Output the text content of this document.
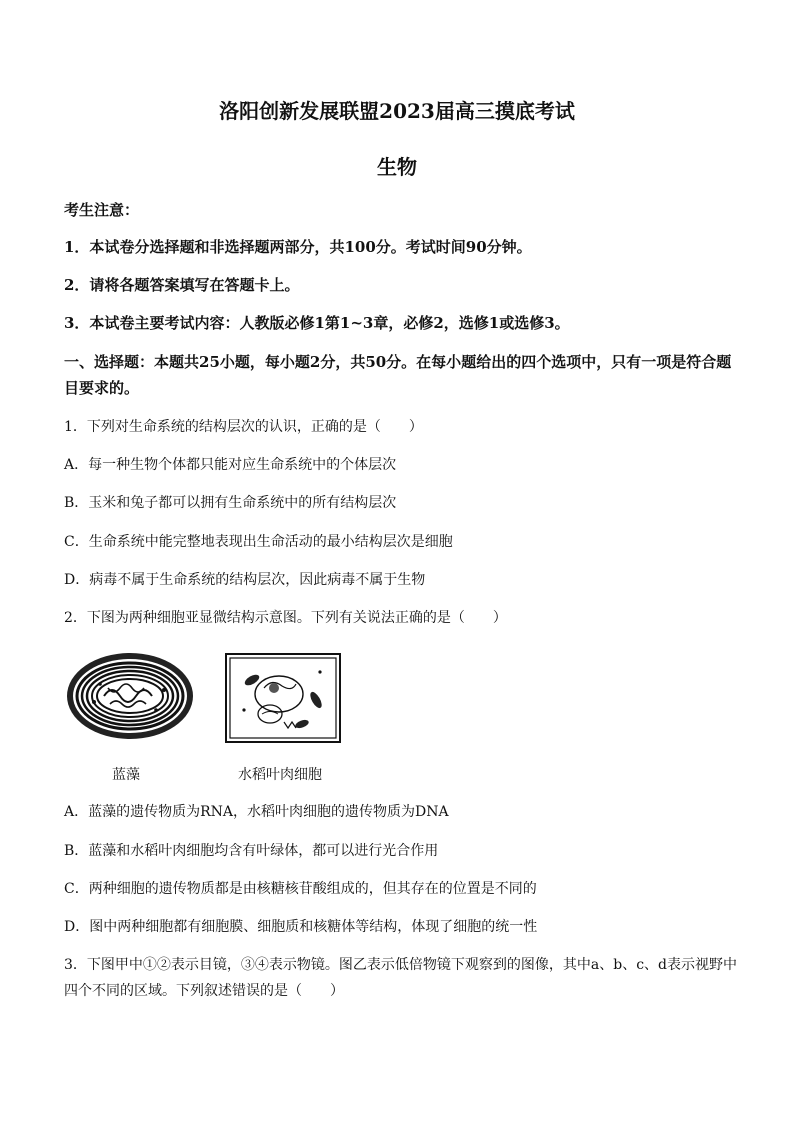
洛阳创新发展联盟2023届高三摸底考试
生物
考生注意：
1．本试卷分选择题和非选择题两部分，共100分。考试时间90分钟。
2．请将各题答案填写在答题卡上。
3．本试卷主要考试内容：人教版必修1第1~3章，必修2，选修1或选修3。
一、选择题：本题共25小题，每小题2分，共50分。在每小题给出的四个选项中，只有一项是符合题目要求的。
1．下列对生命系统的结构层次的认识，正确的是（　　）
A．每一种生物个体都只能对应生命系统中的个体层次
B．玉米和兔子都可以拥有生命系统中的所有结构层次
C．生命系统中能完整地表现出生命活动的最小结构层次是细胞
D．病毒不属于生命系统的结构层次，因此病毒不属于生物
2．下图为两种细胞亚显微结构示意图。下列有关说法正确的是（　　）
蓝藻	水稻叶肉细胞
A．蓝藻的遗传物质为RNA，水稻叶肉细胞的遗传物质为DNA
B．蓝藻和水稻叶肉细胞均含有叶绿体，都可以进行光合作用
C．两种细胞的遗传物质都是由核糖核苷酸组成的，但其存在的位置是不同的
D．图中两种细胞都有细胞膜、细胞质和核糖体等结构，体现了细胞的统一性
3．下图甲中①②表示目镜，③④表示物镜。图乙表示低倍物镜下观察到的图像，其中a、b、c、d表示视野中
四个不同的区域。下列叙述错误的是（　　）
